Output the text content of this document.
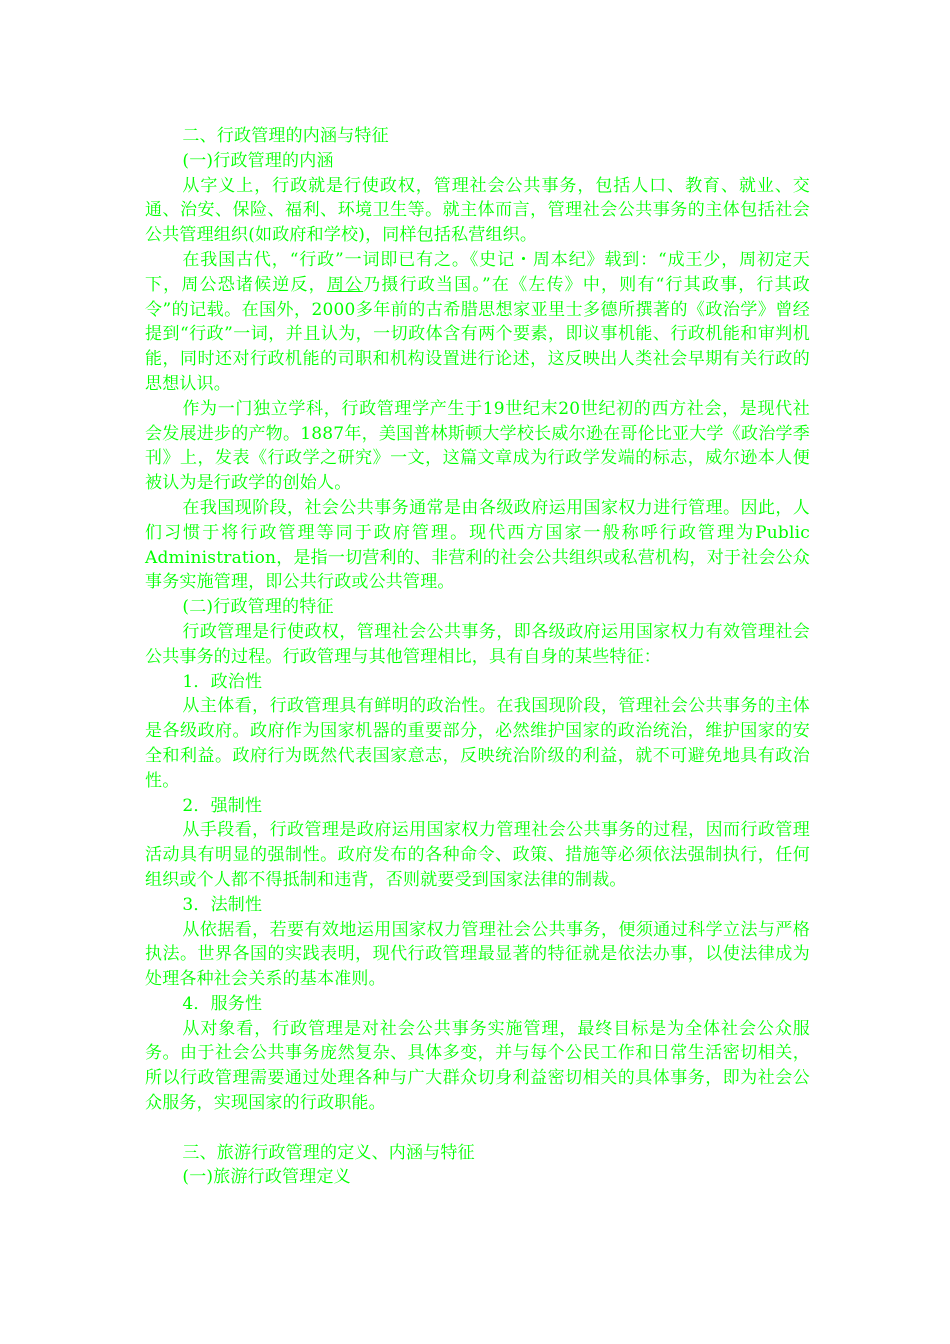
二、行政管理的内涵与特征

(一)行政管理的内涵

从字义上，行政就是行使政权，管理社会公共事务，包括人口、教育、就业、交通、治安、保险、福利、环境卫生等。就主体而言，管理社会公共事务的主体包括社会公共管理组织(如政府和学校)，同样包括私营组织。

在我国古代，“行政”一词即已有之。《史记・周本纪》载到：“成王少，周初定天下，周公恐诸候逆反，周公乃摄行政当国。”在《左传》中，则有“行其政事，行其政令”的记载。在国外，2000多年前的古希腊思想家亚里士多德所撰著的《政治学》曾经提到“行政”一词，并且认为，一切政体含有两个要素，即议事机能、行政机能和审判机能，同时还对行政机能的司职和机构设置进行论述，这反映出人类社会早期有关行政的思想认识。

作为一门独立学科，行政管理学产生于19世纪末20世纪初的西方社会，是现代社会发展进步的产物。1887年，美国普林斯顿大学校长威尔逊在哥伦比亚大学《政治学季刊》上，发表《行政学之研究》一文，这篇文章成为行政学发端的标志，威尔逊本人便被认为是行政学的创始人。

在我国现阶段，社会公共事务通常是由各级政府运用国家权力进行管理。因此，人们习惯于将行政管理等同于政府管理。现代西方国家一般称呼行政管理为Public Administration，是指一切营利的、非营利的社会公共组织或私营机构，对于社会公众事务实施管理，即公共行政或公共管理。

(二)行政管理的特征

行政管理是行使政权，管理社会公共事务，即各级政府运用国家权力有效管理社会公共事务的过程。行政管理与其他管理相比，具有自身的某些特征：

1．政治性

从主体看，行政管理具有鲜明的政治性。在我国现阶段，管理社会公共事务的主体是各级政府。政府作为国家机器的重要部分，必然维护国家的政治统治，维护国家的安全和利益。政府行为既然代表国家意志，反映统治阶级的利益，就不可避免地具有政治性。

2．强制性

从手段看，行政管理是政府运用国家权力管理社会公共事务的过程，因而行政管理活动具有明显的强制性。政府发布的各种命令、政策、措施等必须依法强制执行，任何组织或个人都不得抵制和违背，否则就要受到国家法律的制裁。

3．法制性

从依据看，若要有效地运用国家权力管理社会公共事务，便须通过科学立法与严格执法。世界各国的实践表明，现代行政管理最显著的特征就是依法办事，以使法律成为处理各种社会关系的基本准则。

4．服务性

从对象看，行政管理是对社会公共事务实施管理，最终目标是为全体社会公众服务。由于社会公共事务庞然复杂、具体多变，并与每个公民工作和日常生活密切相关，所以行政管理需要通过处理各种与广大群众切身利益密切相关的具体事务，即为社会公众服务，实现国家的行政职能。

三、旅游行政管理的定义、内涵与特征

(一)旅游行政管理定义
